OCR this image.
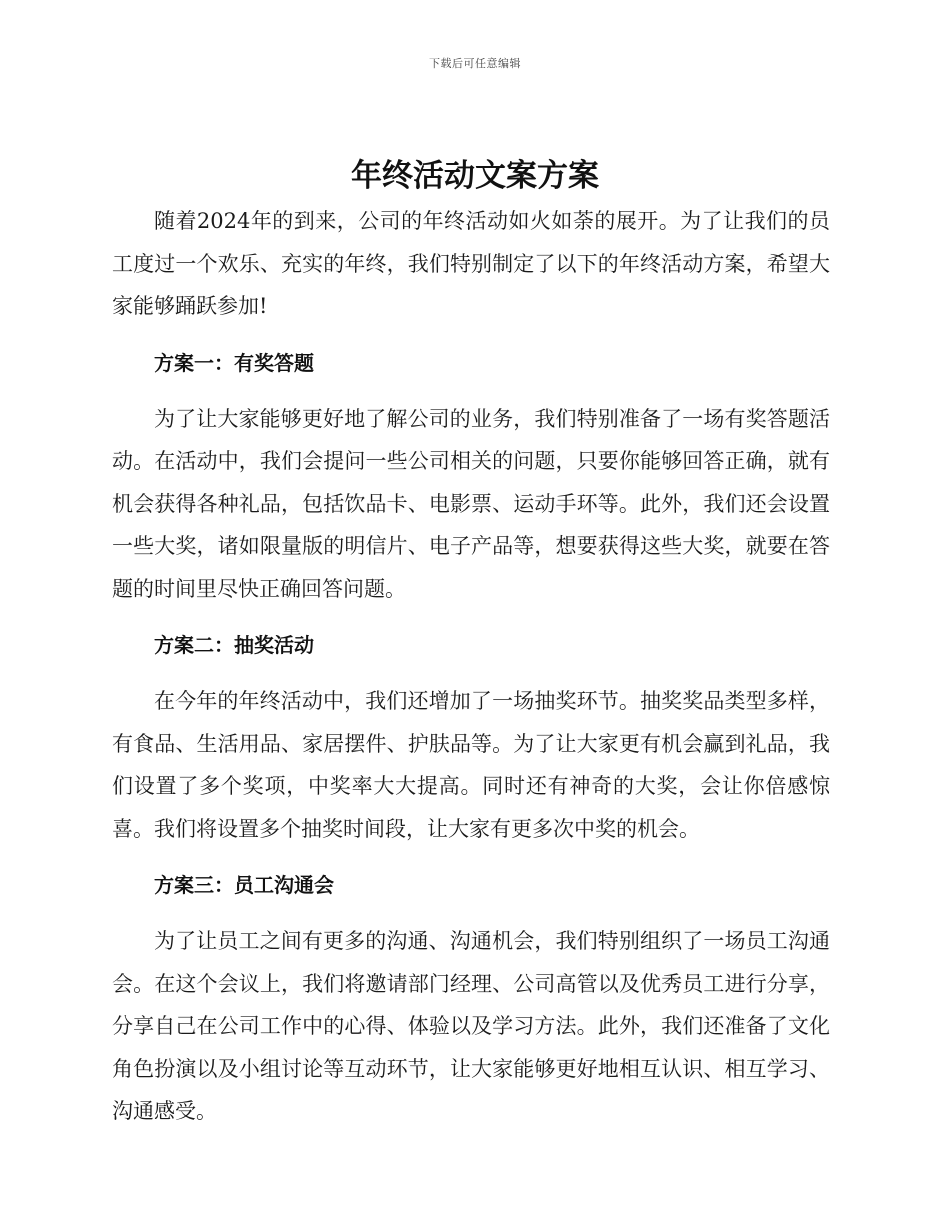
下载后可任意编辑
年终活动文案方案

随着2024年的到来，公司的年终活动如火如荼的展开。为了让我们的员工度过一个欢乐、充实的年终，我们特别制定了以下的年终活动方案，希望大家能够踊跃参加!

方案一：有奖答题

为了让大家能够更好地了解公司的业务，我们特别准备了一场有奖答题活动。在活动中，我们会提问一些公司相关的问题，只要你能够回答正确，就有机会获得各种礼品，包括饮品卡、电影票、运动手环等。此外，我们还会设置一些大奖，诸如限量版的明信片、电子产品等，想要获得这些大奖，就要在答题的时间里尽快正确回答问题。

方案二：抽奖活动

在今年的年终活动中，我们还增加了一场抽奖环节。抽奖奖品类型多样，有食品、生活用品、家居摆件、护肤品等。为了让大家更有机会赢到礼品，我们设置了多个奖项，中奖率大大提高。同时还有神奇的大奖，会让你倍感惊喜。我们将设置多个抽奖时间段，让大家有更多次中奖的机会。

方案三：员工沟通会

为了让员工之间有更多的沟通、沟通机会，我们特别组织了一场员工沟通会。在这个会议上，我们将邀请部门经理、公司高管以及优秀员工进行分享，分享自己在公司工作中的心得、体验以及学习方法。此外，我们还准备了文化角色扮演以及小组讨论等互动环节，让大家能够更好地相互认识、相互学习、沟通感受。
